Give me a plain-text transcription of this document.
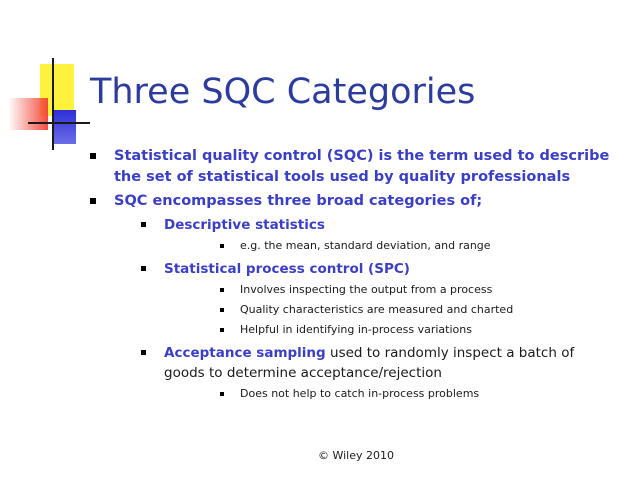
Three SQC Categories
Statistical quality control (SQC) is the term used to describe the set of statistical tools used by quality professionals
SQC encompasses three broad categories of;
Descriptive statistics
e.g. the mean, standard deviation, and range
Statistical process control (SPC)
Involves inspecting the output from a process
Quality characteristics are measured and charted
Helpful in identifying in-process variations
Acceptance sampling used to randomly inspect a batch of goods to determine acceptance/rejection
Does not help to catch in-process problems
© Wiley 2010
